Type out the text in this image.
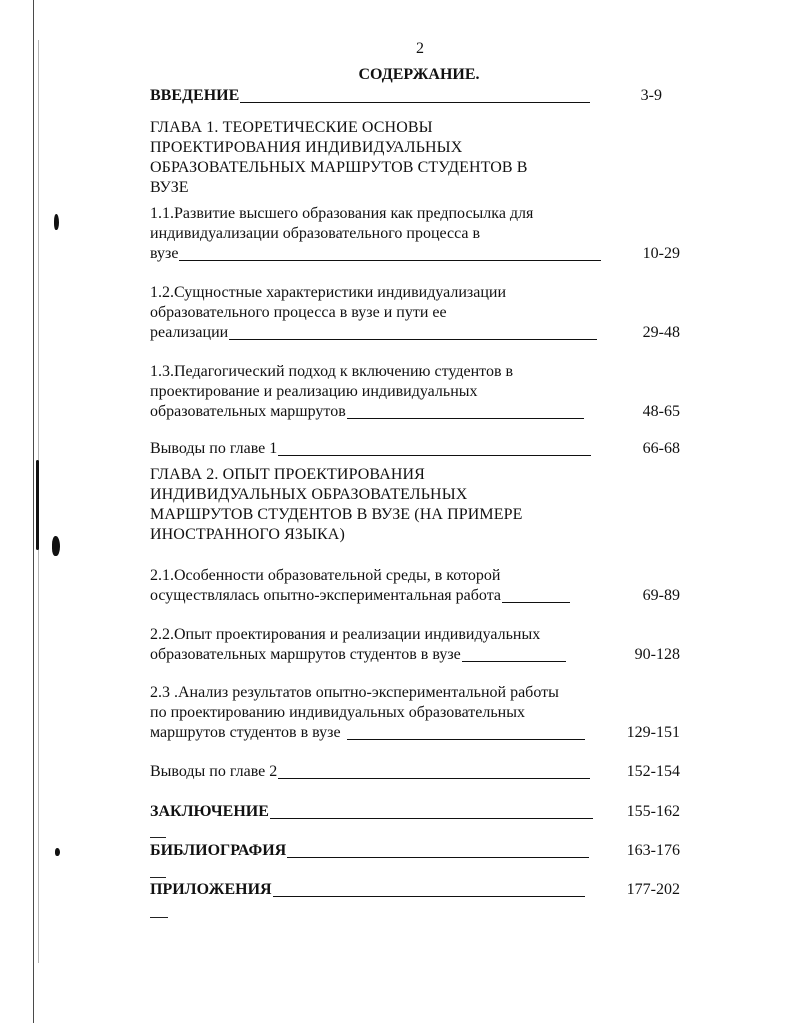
2
СОДЕРЖАНИЕ.
ВВЕДЕНИЕ	3-9
ГЛАВА 1. ТЕОРЕТИЧЕСКИЕ ОСНОВЫ
ПРОЕКТИРОВАНИЯ ИНДИВИДУАЛЬНЫХ
ОБРАЗОВАТЕЛЬНЫХ МАРШРУТОВ СТУДЕНТОВ В
ВУЗЕ
1.1.Развитие высшего образования как предпосылка для
индивидуализации образовательного процесса в
вузе	10-29
1.2.Сущностные характеристики индивидуализации
образовательного процесса в вузе и пути ее
реализации	29-48
1.3.Педагогический подход к включению студентов в
проектирование и реализацию индивидуальных
образовательных маршрутов	48-65
Выводы по главе 1	66-68
ГЛАВА 2. ОПЫТ ПРОЕКТИРОВАНИЯ
ИНДИВИДУАЛЬНЫХ ОБРАЗОВАТЕЛЬНЫХ
МАРШРУТОВ СТУДЕНТОВ В ВУЗЕ (НА ПРИМЕРЕ
ИНОСТРАННОГО ЯЗЫКА)
2.1.Особенности образовательной среды, в которой
осуществлялась опытно-экспериментальная работа	69-89
2.2.Опыт проектирования и реализации индивидуальных
образовательных маршрутов студентов в вузе	90-128
2.3 .Анализ результатов опытно-экспериментальной работы
по проектированию индивидуальных образовательных
маршрутов студентов в вузе	129-151
Выводы по главе 2	152-154
ЗАКЛЮЧЕНИЕ	155-162
БИБЛИОГРАФИЯ	163-176
ПРИЛОЖЕНИЯ	177-202
